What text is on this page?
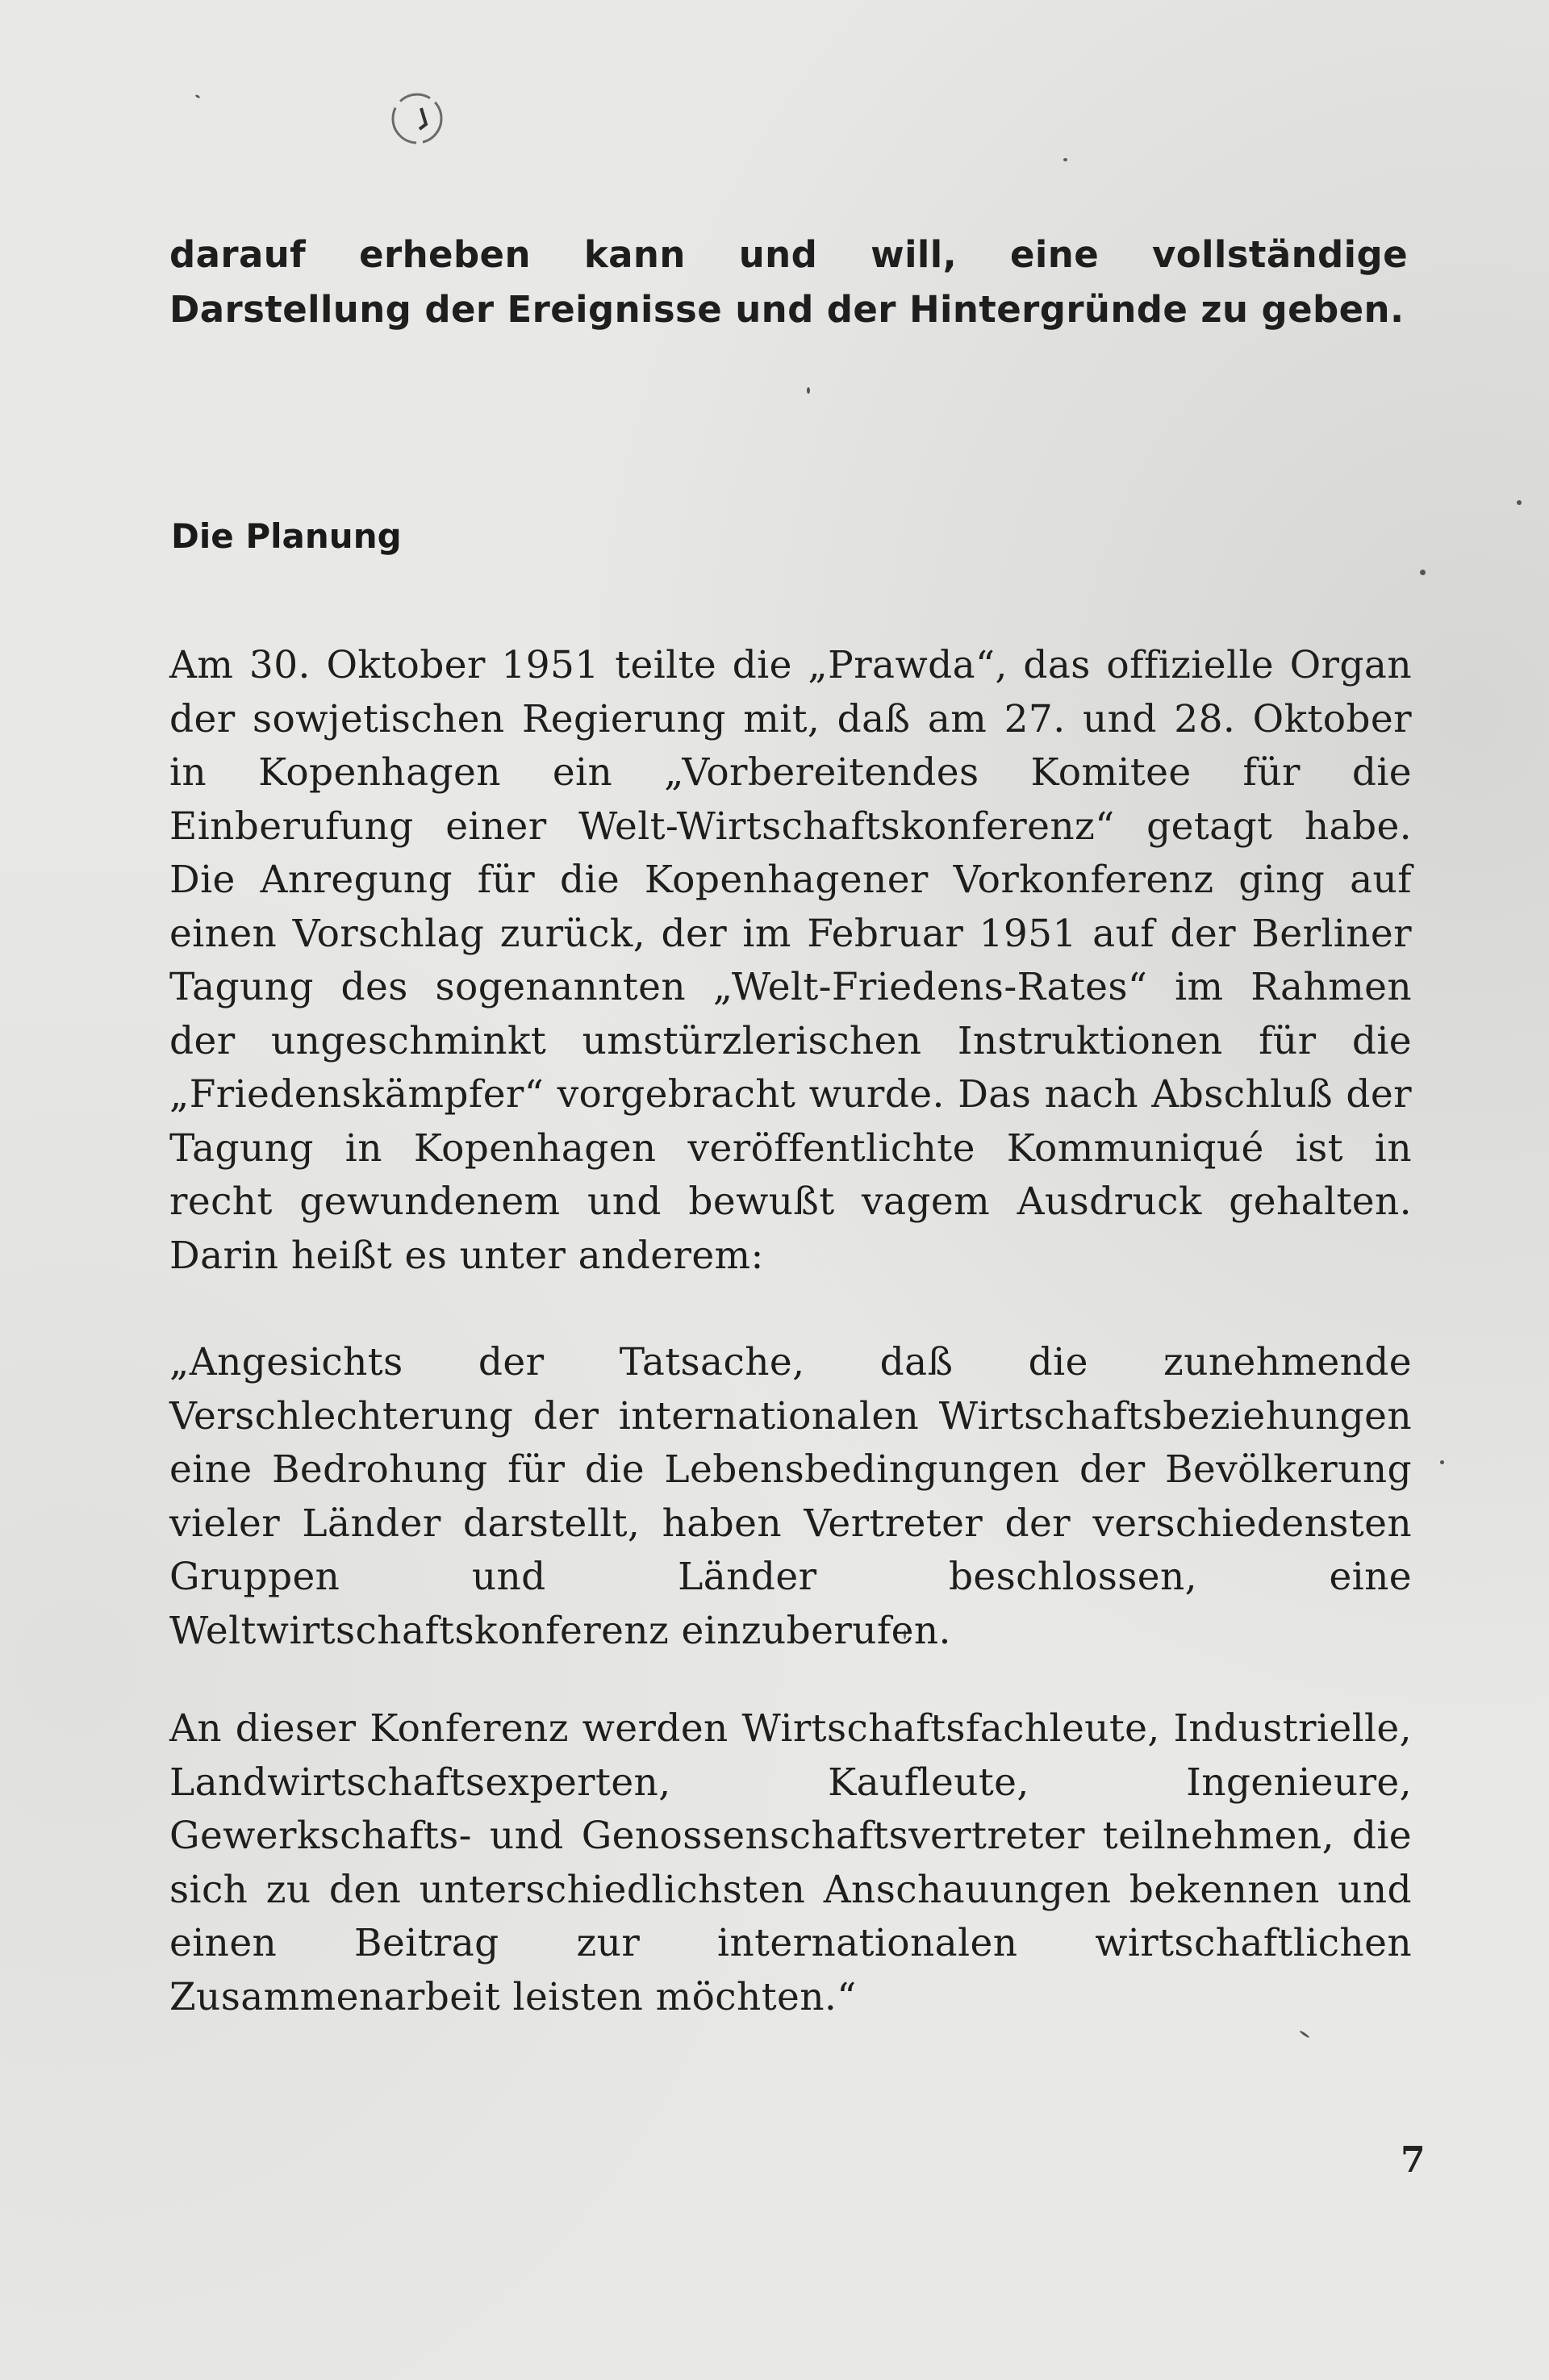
darauf erheben kann und will, eine vollständige Darstellung der Ereignisse und der Hintergründe zu geben.

Die Planung

Am 30. Oktober 1951 teilte die „Prawda“, das offizielle Organ der sowjetischen Regierung mit, daß am 27. und 28. Oktober in Kopenhagen ein „Vorbereitendes Komitee für die Einberufung einer Welt-Wirtschaftskonferenz“ getagt habe. Die Anregung für die Kopenhagener Vorkonferenz ging auf einen Vorschlag zurück, der im Februar 1951 auf der Berliner Tagung des sogenannten „Welt-Friedens-Rates“ im Rahmen der ungeschminkt umstürzlerischen Instruktionen für die „Friedenskämpfer“ vorgebracht wurde. Das nach Abschluß der Tagung in Kopenhagen veröffentlichte Kommuniqué ist in recht gewundenem und bewußt vagem Ausdruck gehalten. Darin heißt es unter anderem:

„Angesichts der Tatsache, daß die zunehmende Verschlechterung der internationalen Wirtschaftsbeziehungen eine Bedrohung für die Lebensbedingungen der Bevölkerung vieler Länder darstellt, haben Vertreter der verschiedensten Gruppen und Länder beschlossen, eine Weltwirtschaftskonferenz einzuberufen.

An dieser Konferenz werden Wirtschaftsfachleute, Industrielle, Landwirtschaftsexperten, Kaufleute, Ingenieure, Gewerkschafts- und Genossenschaftsvertreter teilnehmen, die sich zu den unterschiedlichsten Anschauungen bekennen und einen Beitrag zur internationalen wirtschaftlichen Zusammenarbeit leisten möchten.“

7
